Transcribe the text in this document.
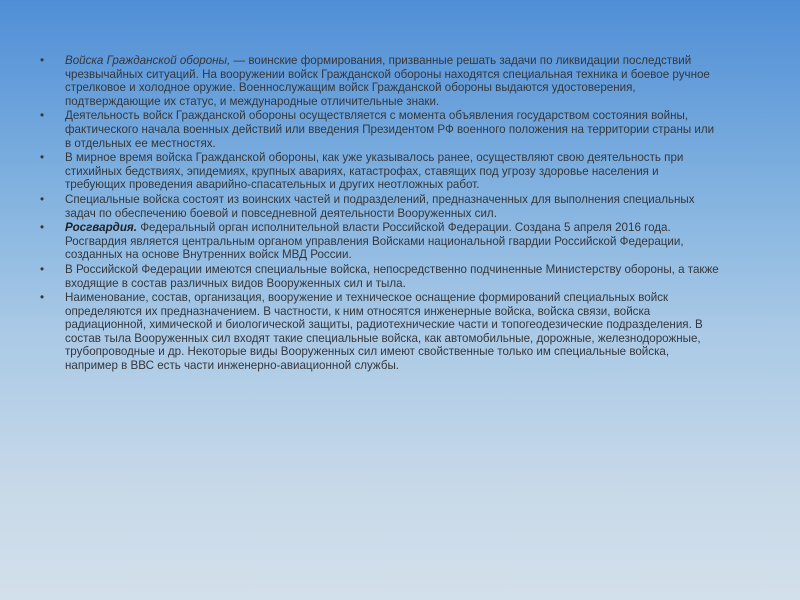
•	Войска Гражданской обороны, — воинские формирования, призванные решать задачи по ликвидации последствий чрезвычайных ситуаций. На вооружении войск Гражданской обороны находятся специальная техника и боевое ручное стрелковое и холодное оружие. Военнослужащим войск Гражданской обороны выдаются удостоверения, подтверждающие их статус, и международные отличительные знаки.
•	Деятельность войск Гражданской обороны осуществляется с момента объявления государством состояния войны, фактического начала военных действий или введения Президентом РФ военного положения на территории страны или в отдельных ее местностях.
•	В мирное время войска Гражданской обороны, как уже указывалось ранее, осуществляют свою деятельность при стихийных бедствиях, эпидемиях, крупных авариях, катастрофах, ставящих под угрозу здоровье населения и требующих проведения аварийно-спасательных и других неотложных работ.
•	Специальные войска состоят из воинских частей и подразделений, предназначенных для выполнения специальных задач по обеспечению боевой и повседневной деятельности Вооруженных сил.
•	Росгвардия. Федеральный орган исполнительной власти Российской Федерации. Создана 5 апреля 2016 года. Росгвардия является центральным органом управления Войсками национальной гвардии Российской Федерации, созданных на основе Внутренних войск МВД России.
•	В Российской Федерации имеются специальные войска, непосредственно подчиненные Министерству обороны, а также входящие в состав различных видов Вооруженных сил и тыла.
•	Наименование, состав, организация, вооружение и техническое оснащение формирований специальных войск определяются их предназначением. В частности, к ним относятся инженерные войска, войска связи, войска радиационной, химической и биологической защиты, радиотехнические части и топогеодезические подразделения. В состав тыла Вооруженных сил входят такие специальные войска, как автомобильные, дорожные, железнодорожные, трубопроводные и др. Некоторые виды Вооруженных сил имеют свойственные только им специальные войска, например в ВВС есть части инженерно-авиационной службы.
